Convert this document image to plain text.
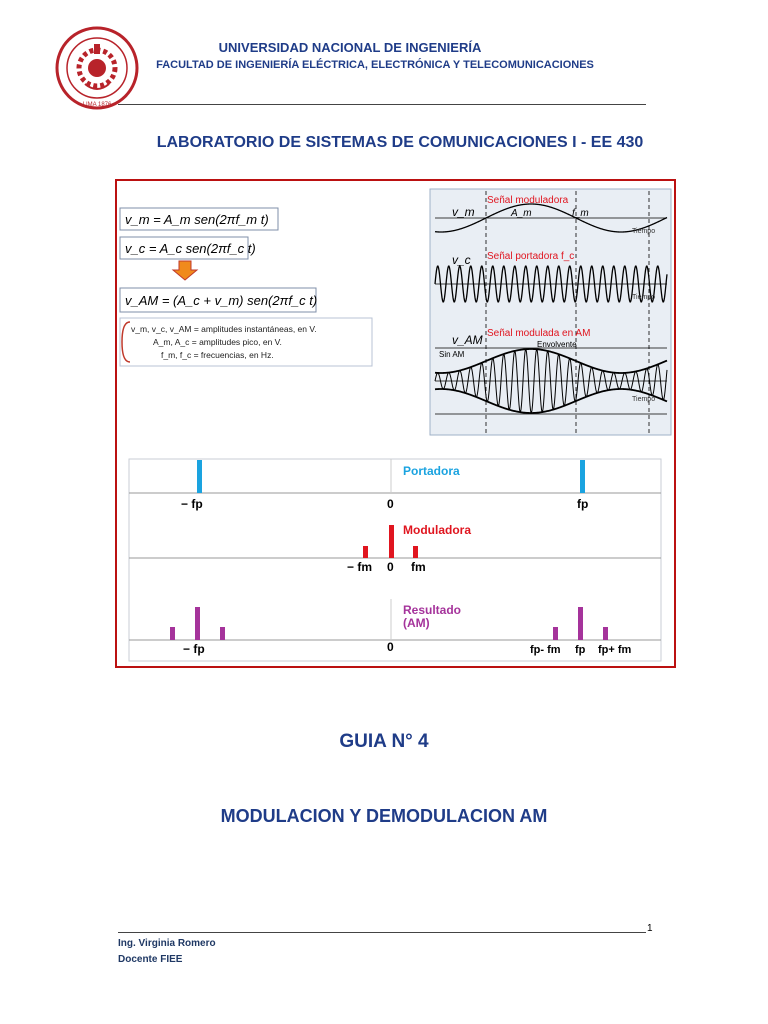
LIMA 1876
UNIVERSIDAD NACIONAL DE INGENIERÍA
FACULTAD DE INGENIERÍA ELÉCTRICA, ELECTRÓNICA Y TELECOMUNICACIONES
LABORATORIO DE SISTEMAS DE COMUNICACIONES I - EE 430
v_m = A_m sen(2πf_m t)
v_c = A_c sen(2πf_c t)
v_AM = (A_c + v_m) sen(2πf_c t)
v_m, v_c, v_AM = amplitudes instantáneas, en V.
A_m, A_c = amplitudes pico, en V.
f_m, f_c = frecuencias, en Hz.
v_m
Señal moduladora
A_m	f_m
Tiempo
v_c Señal portadora f_c
Tiempo
v_AM Señal modulada en AM
Envolvente
Sin AM
Tiempo
Portadora
− fp	0	fp
Moduladora
− fm 0 fm
Resultado
(AM)
− fp	0	fp- fm fp fp+ fm
GUIA N° 4
MODULACION Y DEMODULACION AM
1
Ing. Virginia Romero
Docente FIEE
